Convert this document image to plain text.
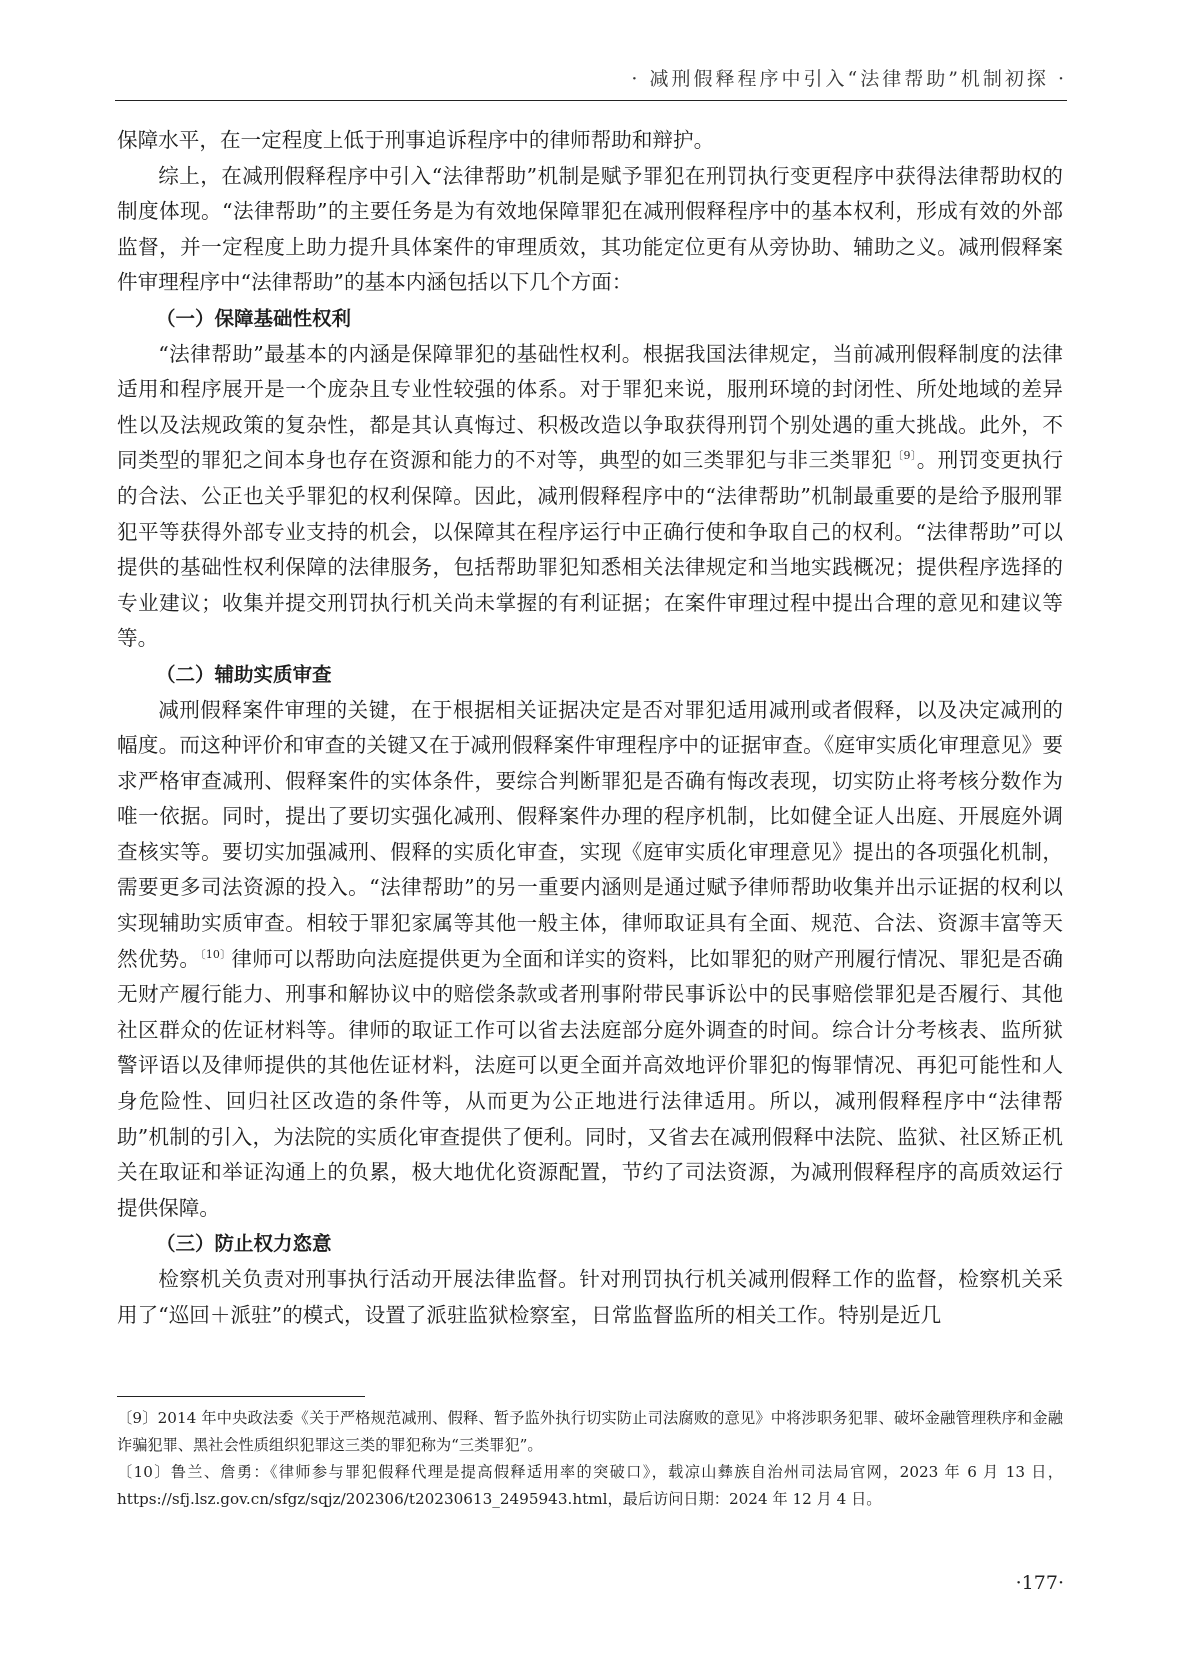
· 减刑假释程序中引入“法律帮助”机制初探 ·

保障水平，在一定程度上低于刑事追诉程序中的律师帮助和辩护。

综上，在减刑假释程序中引入“法律帮助”机制是赋予罪犯在刑罚执行变更程序中获得法律帮助权的制度体现。“法律帮助”的主要任务是为有效地保障罪犯在减刑假释程序中的基本权利，形成有效的外部监督，并一定程度上助力提升具体案件的审理质效，其功能定位更有从旁协助、辅助之义。减刑假释案件审理程序中“法律帮助”的基本内涵包括以下几个方面：

（一）保障基础性权利

“法律帮助”最基本的内涵是保障罪犯的基础性权利。根据我国法律规定，当前减刑假释制度的法律适用和程序展开是一个庞杂且专业性较强的体系。对于罪犯来说，服刑环境的封闭性、所处地域的差异性以及法规政策的复杂性，都是其认真悔过、积极改造以争取获得刑罚个别处遇的重大挑战。此外，不同类型的罪犯之间本身也存在资源和能力的不对等，典型的如三类罪犯与非三类罪犯$^{〔9〕}$。刑罚变更执行的合法、公正也关乎罪犯的权利保障。因此，减刑假释程序中的“法律帮助”机制最重要的是给予服刑罪犯平等获得外部专业支持的机会，以保障其在程序运行中正确行使和争取自己的权利。“法律帮助”可以提供的基础性权利保障的法律服务，包括帮助罪犯知悉相关法律规定和当地实践概况；提供程序选择的专业建议；收集并提交刑罚执行机关尚未掌握的有利证据；在案件审理过程中提出合理的意见和建议等等。

（二）辅助实质审查

减刑假释案件审理的关键，在于根据相关证据决定是否对罪犯适用减刑或者假释，以及决定减刑的幅度。而这种评价和审查的关键又在于减刑假释案件审理程序中的证据审查。《庭审实质化审理意见》要求严格审查减刑、假释案件的实体条件，要综合判断罪犯是否确有悔改表现，切实防止将考核分数作为唯一依据。同时，提出了要切实强化减刑、假释案件办理的程序机制，比如健全证人出庭、开展庭外调查核实等。要切实加强减刑、假释的实质化审查，实现《庭审实质化审理意见》提出的各项强化机制，需要更多司法资源的投入。“法律帮助”的另一重要内涵则是通过赋予律师帮助收集并出示证据的权利以实现辅助实质审查。相较于罪犯家属等其他一般主体，律师取证具有全面、规范、合法、资源丰富等天然优势。$^{〔10〕}$律师可以帮助向法庭提供更为全面和详实的资料，比如罪犯的财产刑履行情况、罪犯是否确无财产履行能力、刑事和解协议中的赔偿条款或者刑事附带民事诉讼中的民事赔偿罪犯是否履行、其他社区群众的佐证材料等。律师的取证工作可以省去法庭部分庭外调查的时间。综合计分考核表、监所狱警评语以及律师提供的其他佐证材料，法庭可以更全面并高效地评价罪犯的悔罪情况、再犯可能性和人身危险性、回归社区改造的条件等，从而更为公正地进行法律适用。所以，减刑假释程序中“法律帮助”机制的引入，为法院的实质化审查提供了便利。同时，又省去在减刑假释中法院、监狱、社区矫正机关在取证和举证沟通上的负累，极大地优化资源配置，节约了司法资源，为减刑假释程序的高质效运行提供保障。

（三）防止权力恣意

检察机关负责对刑事执行活动开展法律监督。针对刑罚执行机关减刑假释工作的监督，检察机关采用了“巡回＋派驻”的模式，设置了派驻监狱检察室，日常监督监所的相关工作。特别是近几

〔9〕2014 年中央政法委《关于严格规范减刑、假释、暂予监外执行切实防止司法腐败的意见》中将涉职务犯罪、破坏金融管理秩序和金融诈骗犯罪、黑社会性质组织犯罪这三类的罪犯称为“三类罪犯”。

〔10〕鲁兰、詹勇：《律师参与罪犯假释代理是提高假释适用率的突破口》，载凉山彝族自治州司法局官网，2023 年 6 月 13 日，https://sfj.lsz.gov.cn/sfgz/sqjz/202306/t20230613_2495943.html，最后访问日期：2024 年 12 月 4 日。

·177·
